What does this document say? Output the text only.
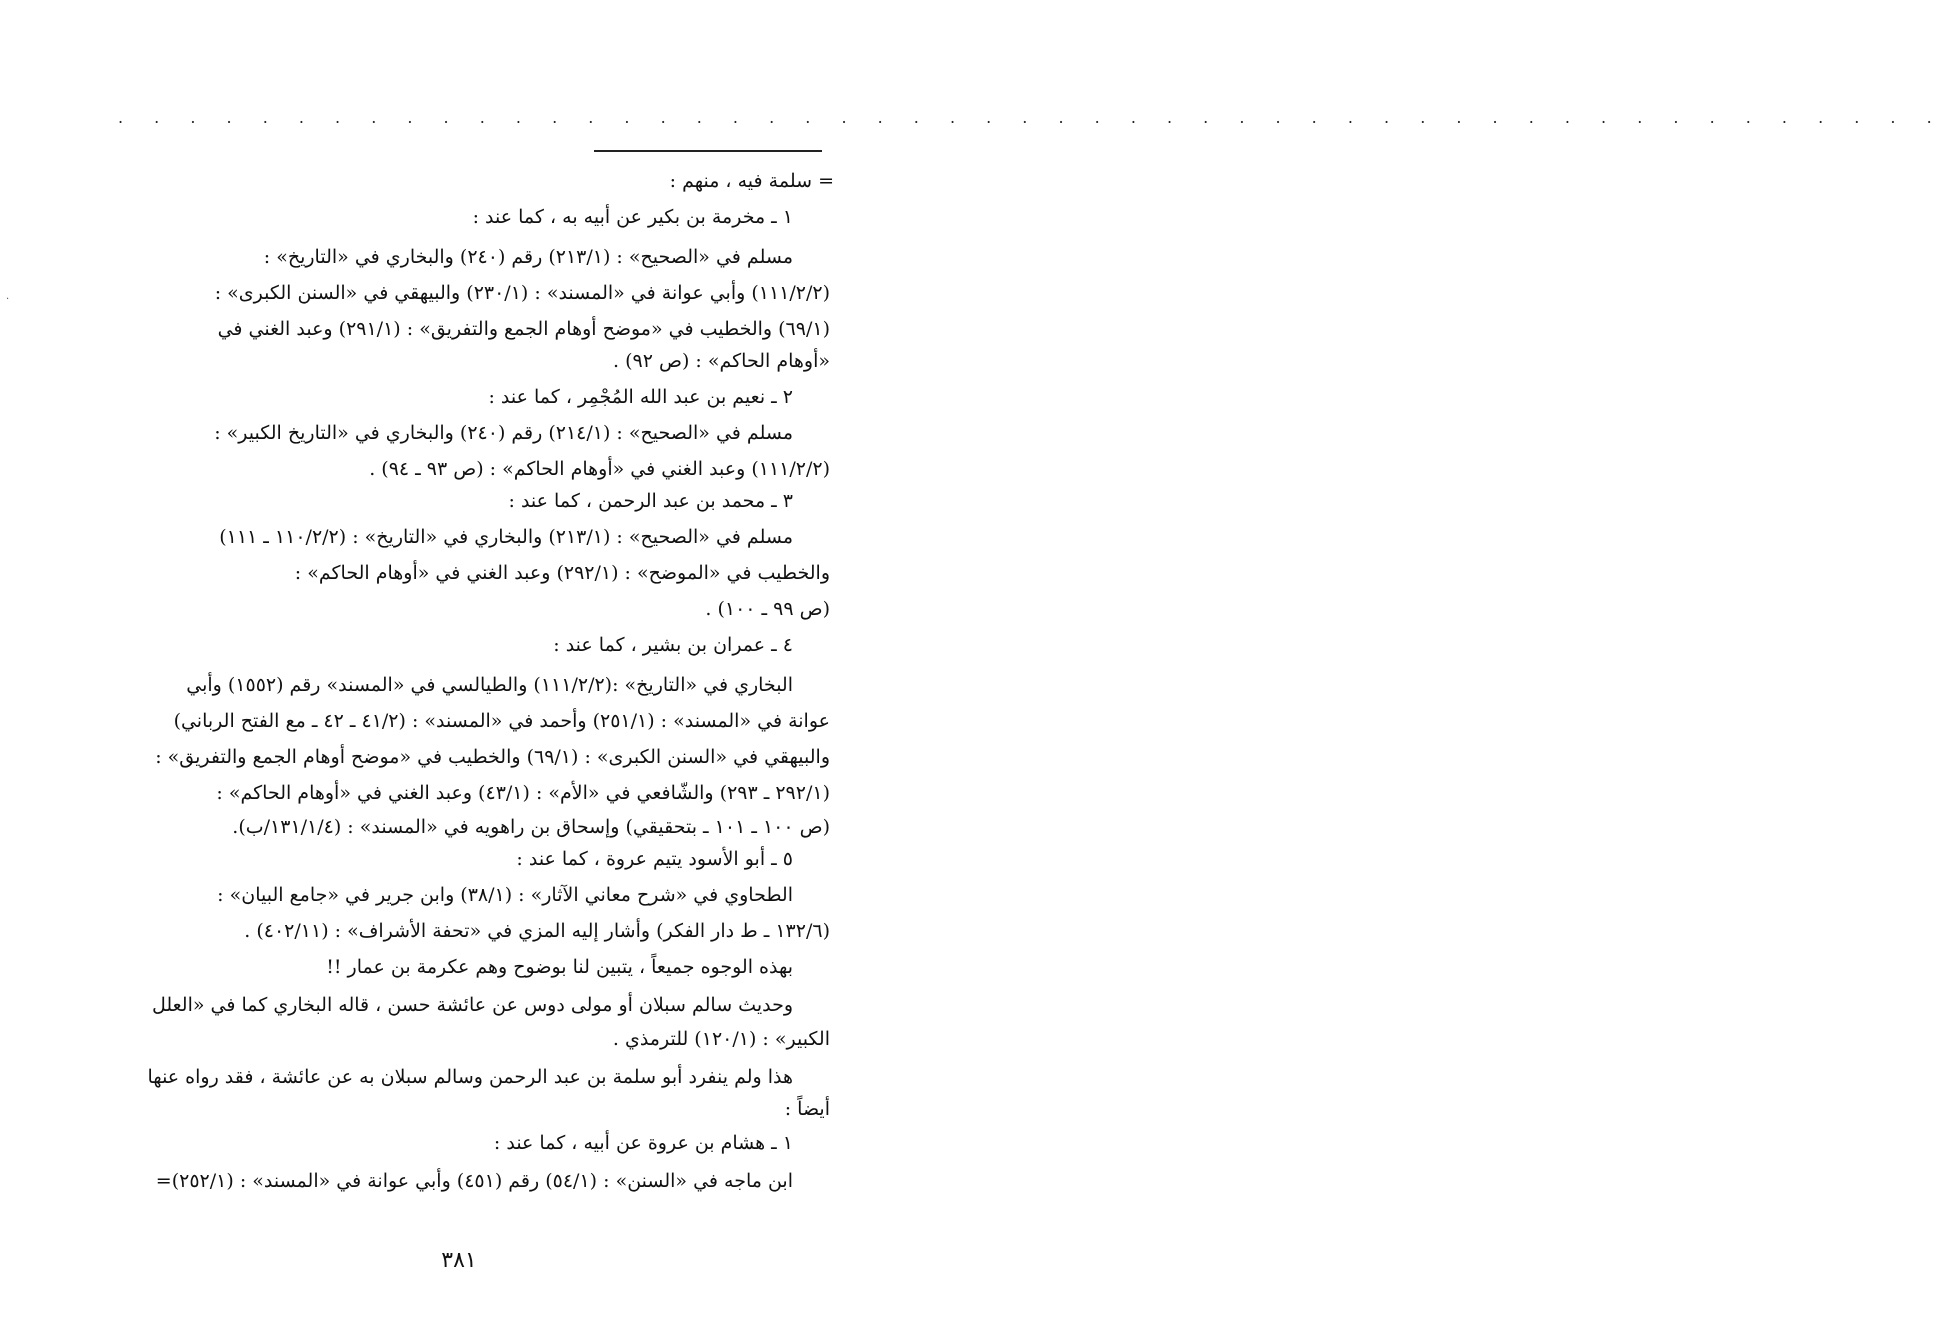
. . . . . . . . . . . . . . . . . . . . . . . . . . . . . . . . . . . . . . . . . . . . . . . . . . .
·
= سلمة فيه ، منهم :
١ ـ مخرمة بن بكير عن أبيه به ، كما عند :
مسلم في «الصحيح» : (٢١٣/١) رقم (٢٤٠) والبخاري في «التاريخ» :
(١١١/٢/٢) وأبي عوانة في «المسند» : (٢٣٠/١) والبيهقي في «السنن الكبرى» :
(٦٩/١) والخطيب في «موضح أوهام الجمع والتفريق» : (٢٩١/١) وعبد الغني في
«أوهام الحاكم» : (ص ٩٢) .
٢ ـ نعيم بن عبد الله المُجْمِر ، كما عند :
مسلم في «الصحيح» : (٢١٤/١) رقم (٢٤٠) والبخاري في «التاريخ الكبير» :
(١١١/٢/٢) وعبد الغني في «أوهام الحاكم» : (ص ٩٣ ـ ٩٤) .
٣ ـ محمد بن عبد الرحمن ، كما عند :
مسلم في «الصحيح» : (٢١٣/١) والبخاري في «التاريخ» : (١١٠/٢/٢ ـ ١١١)
والخطيب في «الموضح» : (٢٩٢/١) وعبد الغني في «أوهام الحاكم» :
(ص ٩٩ ـ ١٠٠) .
٤ ـ عمران بن بشير ، كما عند :
البخاري في «التاريخ» :(١١١/٢/٢) والطيالسي في «المسند» رقم (١٥٥٢) وأبي
عوانة في «المسند» : (٢٥١/١) وأحمد في «المسند» : (٤١/٢ ـ ٤٢ ـ مع الفتح الرباني)
والبيهقي في «السنن الكبرى» : (٦٩/١) والخطيب في «موضح أوهام الجمع والتفريق» :
(٢٩٢/١ ـ ٢٩٣) والشّافعي في «الأم» : (٤٣/١) وعبد الغني في «أوهام الحاكم» :
(ص ١٠٠ ـ ١٠١ ـ بتحقيقي) وإسحاق بن راهويه في «المسند» : (١٣١/١/٤/ب).
٥ ـ أبو الأسود يتيم عروة ، كما عند :
الطحاوي في «شرح معاني الآثار» : (٣٨/١) وابن جرير في «جامع البيان» :
(١٣٢/٦ ـ ط دار الفكر) وأشار إليه المزي في «تحفة الأشراف» : (٤٠٢/١١) .
بهذه الوجوه جميعاً ، يتبين لنا بوضوح وهم عكرمة بن عمار !!
وحديث سالم سبلان أو مولى دوس عن عائشة حسن ، قاله البخاري كما في «العلل
الكبير» : (١٢٠/١) للترمذي .
هذا ولم ينفرد أبو سلمة بن عبد الرحمن وسالم سبلان به عن عائشة ، فقد رواه عنها
أيضاً :
١ ـ هشام بن عروة عن أبيه ، كما عند :
ابن ماجه في «السنن» : (٥٤/١) رقم (٤٥١) وأبي عوانة في «المسند» : (٢٥٢/١)=
٣٨١
